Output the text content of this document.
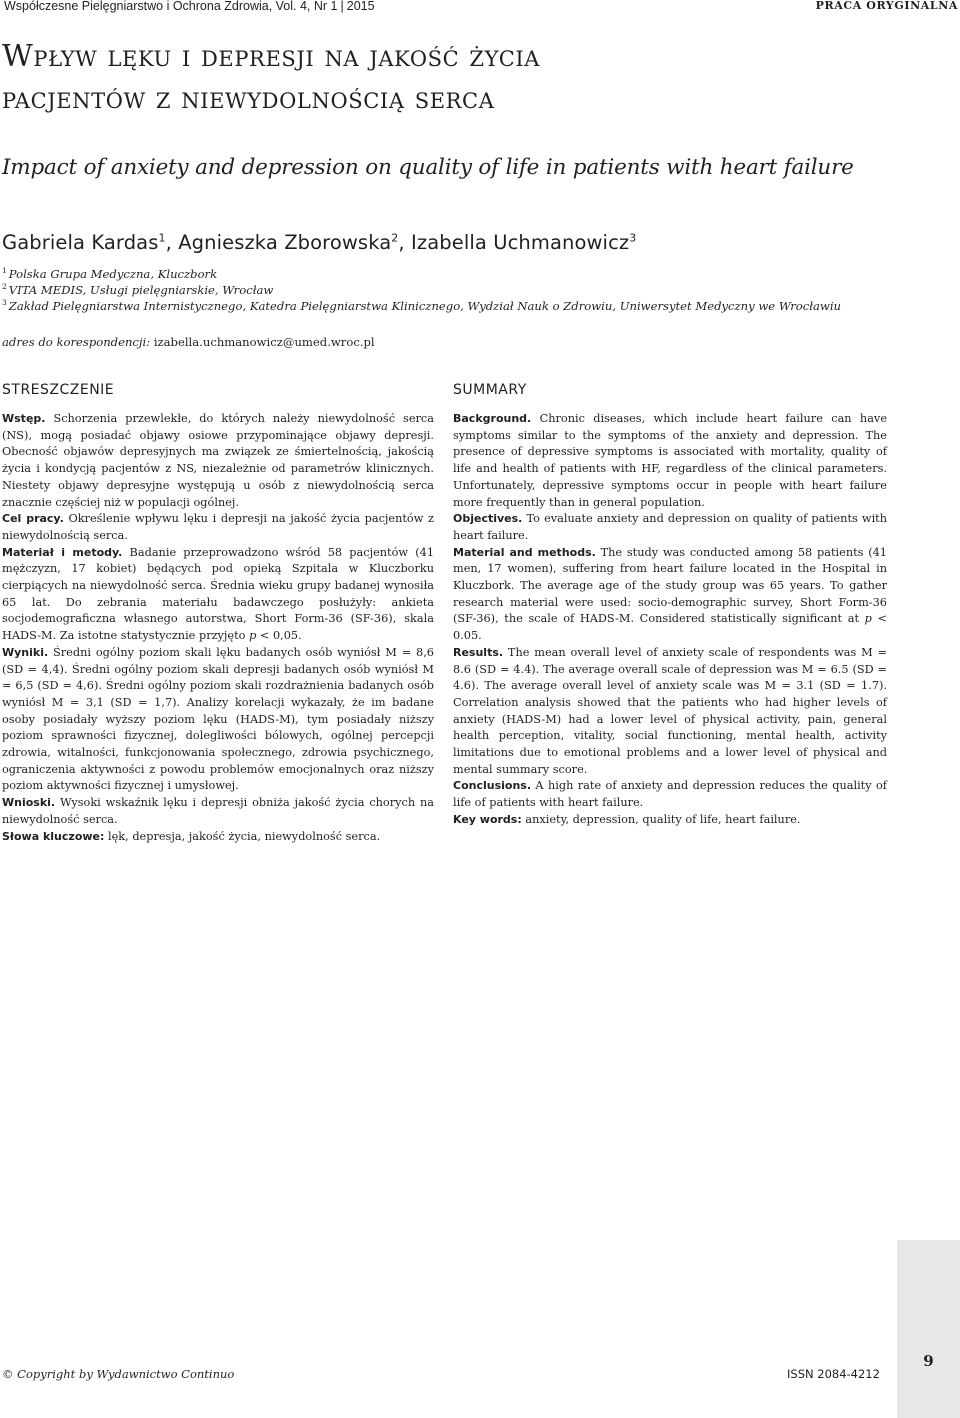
Współczesne Pielęgniarstwo i Ochrona Zdrowia, Vol. 4, Nr 1 | 2015	PRACA ORYGINALNA
Wpływ lęku i depresji na jakość życia
pacjentów z niewydolnością serca
Impact of anxiety and depression on quality of life in patients with heart failure
Gabriela Kardas$^1$, Agnieszka Zborowska$^2$, Izabella Uchmanowicz$^3$
$^1$ Polska Grupa Medyczna, Kluczbork
$^2$ VITA MEDIS, Usługi pielęgniarskie, Wrocław
$^3$ Zakład Pielęgniarstwa Internistycznego, Katedra Pielęgniarstwa Klinicznego, Wydział Nauk o Zdrowiu, Uniwersytet Medyczny we Wrocławiu
adres do korespondencji: izabella.uchmanowicz@umed.wroc.pl
STRESZCZENIE	SUMMARY

Wstęp. Schorzenia przewlekłe, do których należy niewydolność serca (NS), mogą posiadać objawy osiowe przypominające objawy depresji. Obecność objawów depresyjnych ma związek ze śmiertelnością, jakością życia i kondycją pacjentów z NS, niezależnie od parametrów klinicznych. Niestety objawy depresyjne występują u osób z niewydolnością serca znacznie częściej niż w populacji ogólnej.

Cel pracy. Określenie wpływu lęku i depresji na jakość życia pacjentów z niewydolnością serca.

Materiał i metody. Badanie przeprowadzono wśród 58 pacjentów (41 mężczyzn, 17 kobiet) będących pod opieką Szpitala w Kluczborku cierpiących na niewydolność serca. Średnia wieku grupy badanej wynosiła 65 lat. Do zebrania materiału badawczego posłużyły: ankieta socjodemograficzna własnego autorstwa, Short Form-36 (SF-36), skala HADS-M. Za istotne statystycznie przyjęto p < 0,05.

Wyniki. Średni ogólny poziom skali lęku badanych osób wyniósł M = 8,6 (SD = 4,4). Średni ogólny poziom skali depresji badanych osób wyniósł M = 6,5 (SD = 4,6). Średni ogólny poziom skali rozdrażnienia badanych osób wyniósł M = 3,1 (SD = 1,7). Analizy korelacji wykazały, że im badane osoby posiadały wyższy poziom lęku (HADS-M), tym posiadały niższy poziom sprawności fizycznej, dolegliwości bólowych, ogólnej percepcji zdrowia, witalności, funkcjonowania społecznego, zdrowia psychicznego, ograniczenia aktywności z powodu problemów emocjonalnych oraz niższy poziom aktywności fizycznej i umysłowej.

Wnioski. Wysoki wskaźnik lęku i depresji obniża jakość życia chorych na niewydolność serca.

Słowa kluczowe: lęk, depresja, jakość życia, niewydolność serca.

Background. Chronic diseases, which include heart failure can have symptoms similar to the symptoms of the anxiety and depression. The presence of depressive symptoms is associated with mortality, quality of life and health of patients with HF, regardless of the clinical parameters. Unfortunately, depressive symptoms occur in people with heart failure more frequently than in general population.

Objectives. To evaluate anxiety and depression on quality of patients with heart failure.

Material and methods. The study was conducted among 58 patients (41 men, 17 women), suffering from heart failure located in the Hospital in Kluczbork. The average age of the study group was 65 years. To gather research material were used: socio-demographic survey, Short Form-36 (SF-36), the scale of HADS-M. Considered statistically significant at p < 0.05.

Results. The mean overall level of anxiety scale of respondents was M = 8.6 (SD = 4.4). The average overall scale of depression was M = 6.5 (SD = 4.6). The average overall level of anxiety scale was M = 3.1 (SD = 1.7). Correlation analysis showed that the patients who had higher levels of anxiety (HADS-M) had a lower level of physical activity, pain, general health perception, vitality, social functioning, mental health, activity limitations due to emotional problems and a lower level of physical and mental summary score.

Conclusions. A high rate of anxiety and depression reduces the quality of life of patients with heart failure.

Key words: anxiety, depression, quality of life, heart failure.

9
© Copyright by Wydawnictwo Continuo	ISSN 2084-4212
